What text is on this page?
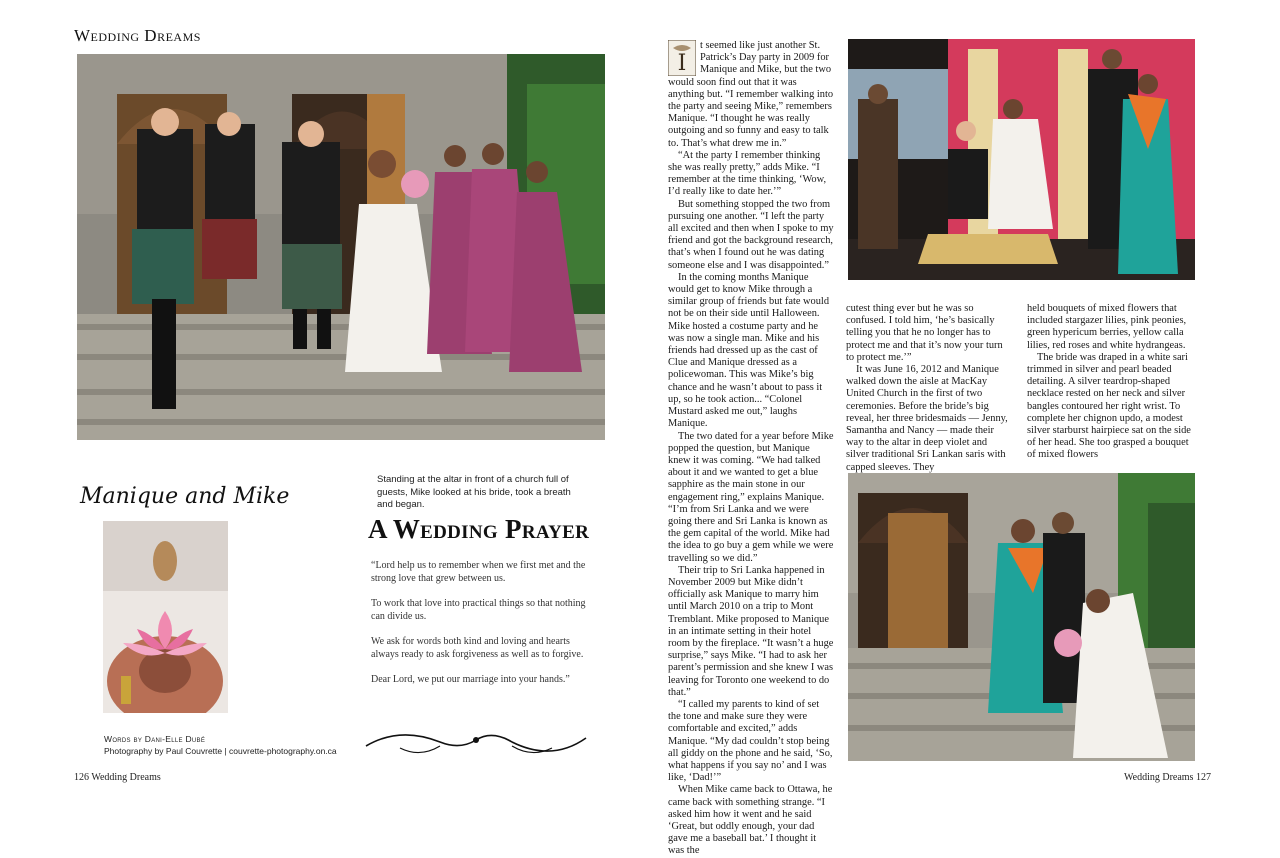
Wedding Dreams
Manique and Mike
Standing at the altar in front of a church full of guests, Mike looked at his bride, took a breath and began.
A Wedding Prayer

“Lord help us to remember when we first met and the strong love that grew between us.

To work that love into practical things so that nothing can divide us.

We ask for words both kind and loving and hearts always ready to ask forgiveness as well as to forgive.

Dear Lord, we put our marriage into your hands.”

Words by Dani-Elle Dubé
Photography by Paul Couvrette | couvrette-photography.on.ca
126 Wedding Dreams
I

t seemed like just another St. Patrick’s Day party in 2009 for Manique and Mike, but the two would soon find out that it was anything but. “I remember walking into the party and seeing Mike,” remembers Manique. “I thought he was really outgoing and so funny and easy to talk to. That’s what drew me in.”

“At the party I remember thinking she was really pretty,” adds Mike. “I remember at the time thinking, ‘Wow, I’d really like to date her.’”

But something stopped the two from pursuing one another. “I left the party all excited and then when I spoke to my friend and got the background research, that’s when I found out he was dating someone else and I was disappointed.”

In the coming months Manique would get to know Mike through a similar group of friends but fate would not be on their side until Halloween. Mike hosted a costume party and he was now a single man. Mike and his friends had dressed up as the cast of Clue and Manique dressed as a policewoman. This was Mike’s big chance and he wasn’t about to pass it up, so he took action... “Colonel Mustard asked me out,” laughs Manique.

The two dated for a year before Mike popped the question, but Manique knew it was coming. “We had talked about it and we wanted to get a blue sapphire as the main stone in our engagement ring,” explains Manique. “I’m from Sri Lanka and we were going there and Sri Lanka is known as the gem capital of the world. Mike had the idea to go buy a gem while we were travelling so we did.”

Their trip to Sri Lanka happened in November 2009 but Mike didn’t officially ask Manique to marry him until March 2010 on a trip to Mont Tremblant. Mike proposed to Manique in an intimate setting in their hotel room by the fireplace. “It wasn’t a huge surprise,” says Mike. “I had to ask her parent’s permission and she knew I was leaving for Toronto one weekend to do that.”

“I called my parents to kind of set the tone and make sure they were comfortable and excited,” adds Manique. “My dad couldn’t stop being all giddy on the phone and he said, ‘So, what happens if you say no’ and I was like, ‘Dad!’”

When Mike came back to Ottawa, he came back with something strange. “I asked him how it went and he said ‘Great, but oddly enough, your dad gave me a baseball bat.’ I thought it was the

cutest thing ever but he was so confused. I told him, ‘he’s basically telling you that he no longer has to protect me and that it’s now your turn to protect me.’”

It was June 16, 2012 and Manique walked down the aisle at MacKay United Church in the first of two ceremonies. Before the bride’s big reveal, her three bridesmaids — Jenny, Samantha and Nancy — made their way to the altar in deep violet and silver traditional Sri Lankan saris with capped sleeves. They

held bouquets of mixed flowers that included stargazer lilies, pink peonies, green hypericum berries, yellow calla lilies, red roses and white hydrangeas.

The bride was draped in a white sari trimmed in silver and pearl beaded detailing. A silver teardrop-shaped necklace rested on her neck and silver bangles contoured her right wrist. To complete her chignon updo, a modest silver starburst hairpiece sat on the side of her head. She too grasped a bouquet of mixed flowers

Wedding Dreams 127
